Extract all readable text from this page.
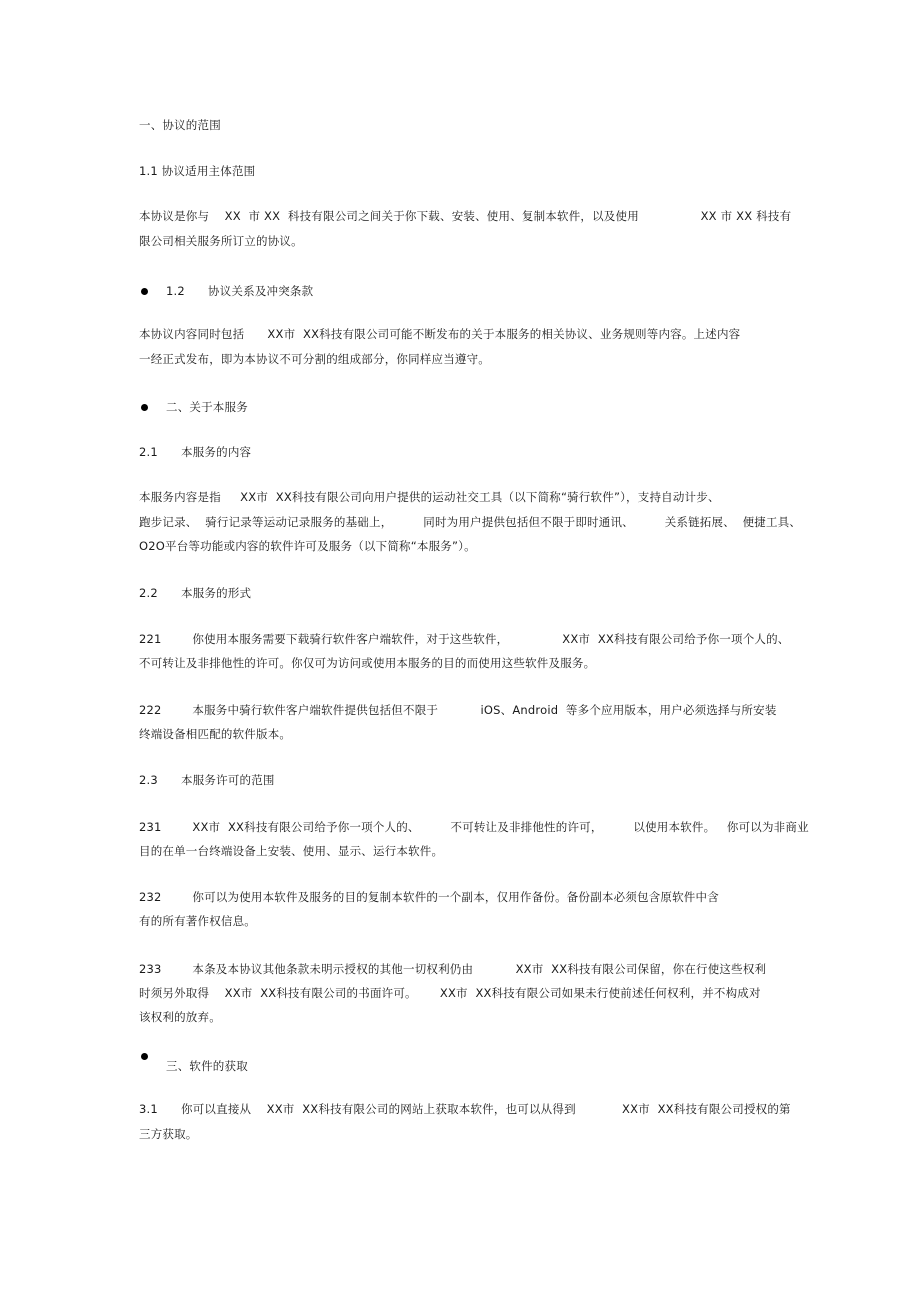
一、协议的范围
1.1 协议适用主体范围
本协议是你与    XX  市 XX  科技有限公司之间关于你下载、安装、使用、复制本软件，以及使用                XX 市 XX 科技有
限公司相关服务所订立的协议。
1.2      协议关系及冲突条款
本协议内容同时包括      XX市  XX科技有限公司可能不断发布的关于本服务的相关协议、业务规则等内容。上述内容
一经正式发布，即为本协议不可分割的组成部分，你同样应当遵守。
二、关于本服务
2.1      本服务的内容
本服务内容是指     XX市  XX科技有限公司向用户提供的运动社交工具（以下简称“骑行软件”），支持自动计步、
跑步记录、  骑行记录等运动记录服务的基础上，        同时为用户提供包括但不限于即时通讯、        关系链拓展、  便捷工具、
O2O平台等功能或内容的软件许可及服务（以下简称“本服务”）。
2.2      本服务的形式
221        你使用本服务需要下载骑行软件客户端软件，对于这些软件，              XX市  XX科技有限公司给予你一项个人的、
不可转让及非排他性的许可。你仅可为访问或使用本服务的目的而使用这些软件及服务。
222        本服务中骑行软件客户端软件提供包括但不限于           iOS、Android  等多个应用版本，用户必须选择与所安装
终端设备相匹配的软件版本。
2.3      本服务许可的范围
231        XX市  XX科技有限公司给予你一项个人的、        不可转让及非排他性的许可，        以使用本软件。   你可以为非商业
目的在单一台终端设备上安装、使用、显示、运行本软件。
232        你可以为使用本软件及服务的目的复制本软件的一个副本，仅用作备份。备份副本必须包含原软件中含
有的所有著作权信息。
233        本条及本协议其他条款未明示授权的其他一切权利仍由           XX市  XX科技有限公司保留，你在行使这些权利
时须另外取得    XX市  XX科技有限公司的书面许可。      XX市  XX科技有限公司如果未行使前述任何权利，并不构成对
该权利的放弃。
三、软件的获取
3.1      你可以直接从    XX市  XX科技有限公司的网站上获取本软件，也可以从得到            XX市  XX科技有限公司授权的第
三方获取。
